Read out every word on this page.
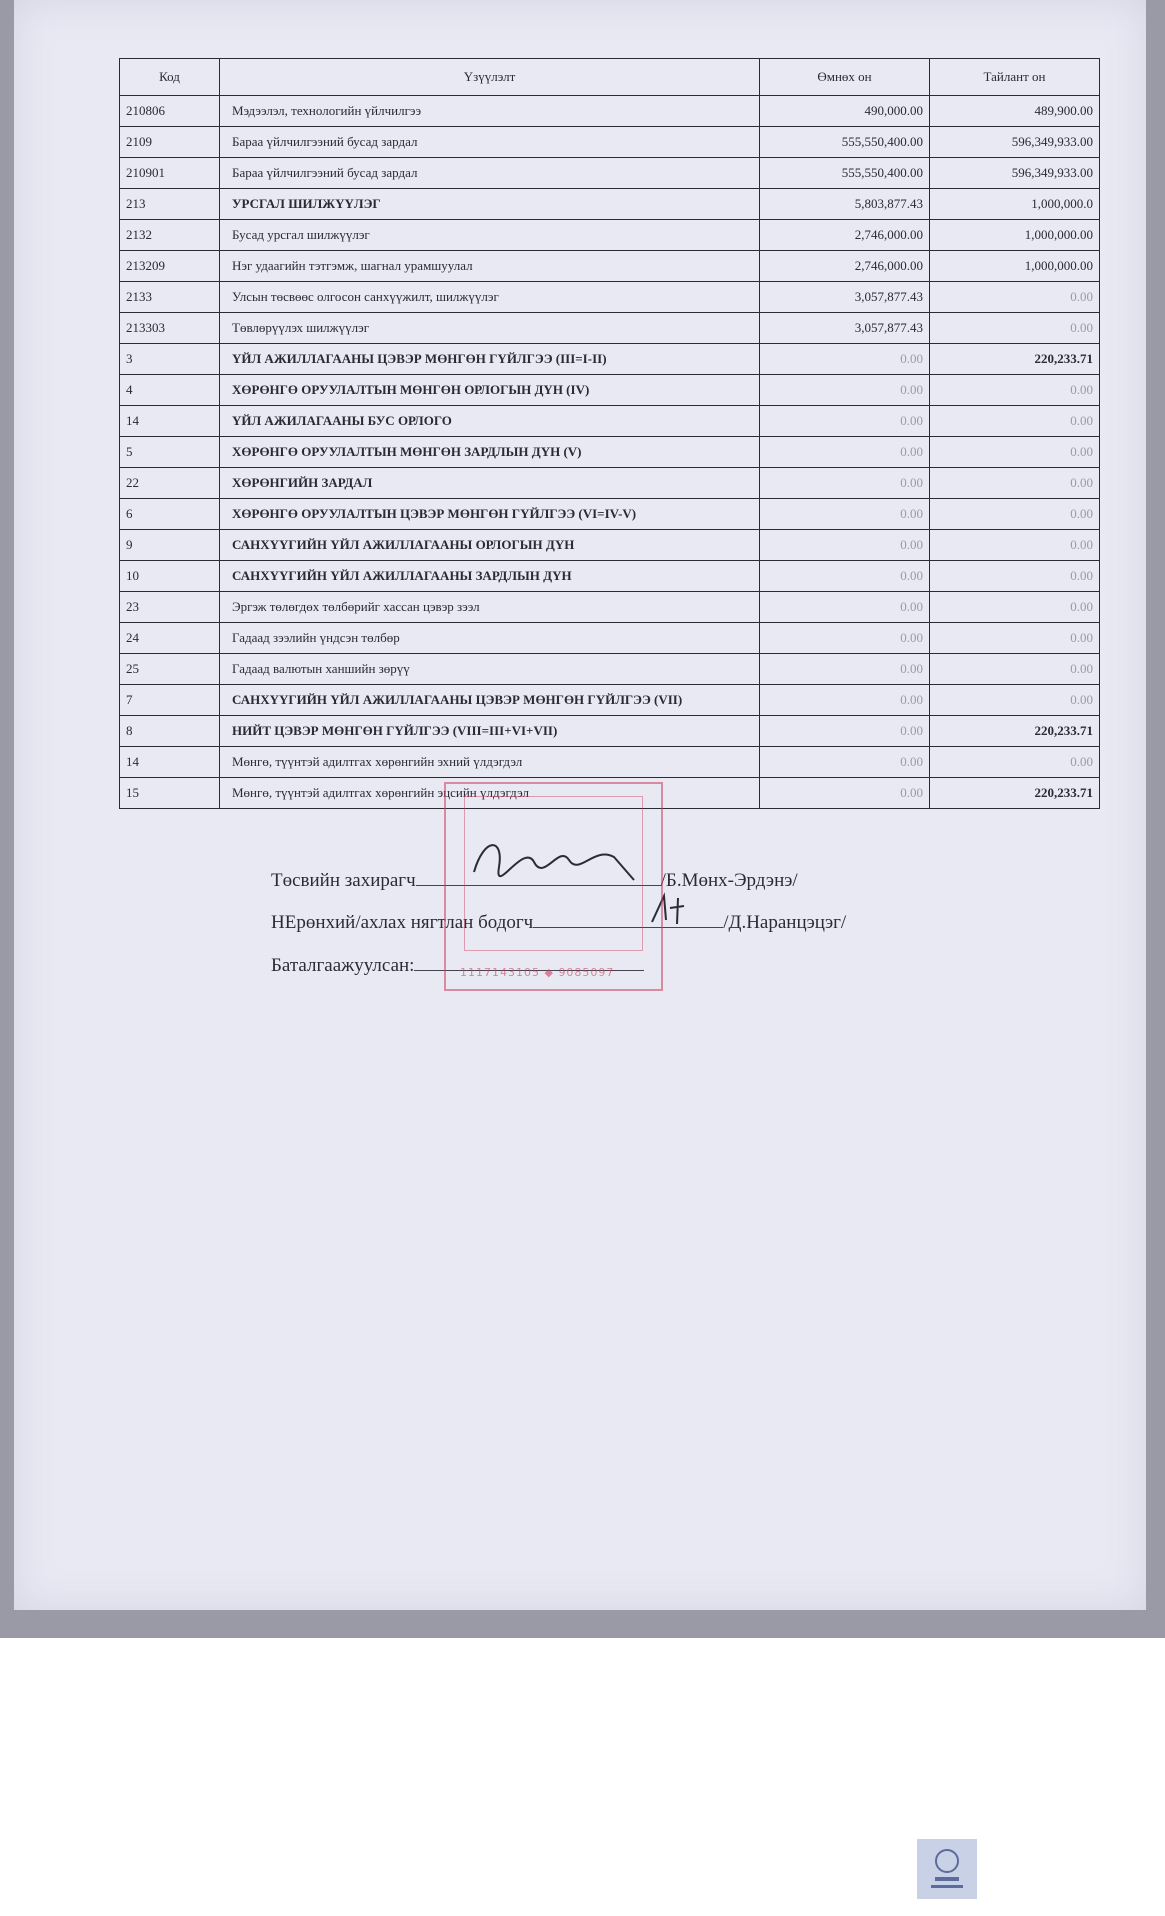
Код	Үзүүлэлт	Өмнөх он	Тайлант он
210806	Мэдээлэл, технологийн үйлчилгээ	490,000.00	489,900.00
2109	Бараа үйлчилгээний бусад зардал	555,550,400.00	596,349,933.00
210901	Бараа үйлчилгээний бусад зардал	555,550,400.00	596,349,933.00
213	УРСГАЛ ШИЛЖҮҮЛЭГ	5,803,877.43	1,000,000.0
2132	Бусад урсгал шилжүүлэг	2,746,000.00	1,000,000.00
213209	Нэг удаагийн тэтгэмж, шагнал урамшуулал	2,746,000.00	1,000,000.00
2133	Улсын төсвөөс олгосон санхүүжилт, шилжүүлэг	3,057,877.43	0.00
213303	Төвлөрүүлэх шилжүүлэг	3,057,877.43	0.00
3	ҮЙЛ АЖИЛЛАГААНЫ ЦЭВЭР МӨНГӨН ГҮЙЛГЭЭ (III=I-II)	0.00	220,233.71
4	ХӨРӨНГӨ ОРУУЛАЛТЫН МӨНГӨН ОРЛОГЫН ДҮН (IV)	0.00	0.00
14	ҮЙЛ АЖИЛАГААНЫ БУС ОРЛОГО	0.00	0.00
5	ХӨРӨНГӨ ОРУУЛАЛТЫН МӨНГӨН ЗАРДЛЫН ДҮН (V)	0.00	0.00
22	ХӨРӨНГИЙН ЗАРДАЛ	0.00	0.00
6	ХӨРӨНГӨ ОРУУЛАЛТЫН ЦЭВЭР МӨНГӨН ГҮЙЛГЭЭ (VI=IV-V)	0.00	0.00
9	САНХҮҮГИЙН ҮЙЛ АЖИЛЛАГААНЫ ОРЛОГЫН ДҮН	0.00	0.00
10	САНХҮҮГИЙН ҮЙЛ АЖИЛЛАГААНЫ ЗАРДЛЫН ДҮН	0.00	0.00
23	Эргэж төлөгдөх төлбөрийг хассан цэвэр зээл	0.00	0.00
24	Гадаад зээлийн үндсэн төлбөр	0.00	0.00
25	Гадаад валютын ханшийн зөрүү	0.00	0.00
7	САНХҮҮГИЙН ҮЙЛ АЖИЛЛАГААНЫ ЦЭВЭР МӨНГӨН ГҮЙЛГЭЭ (VII)	0.00	0.00
8	НИЙТ ЦЭВЭР МӨНГӨН ГҮЙЛГЭЭ (VIII=III+VI+VII)	0.00	220,233.71
14	Мөнгө, түүнтэй адилтгах хөрөнгийн эхний үлдэгдэл	0.00	0.00
15	Мөнгө, түүнтэй адилтгах хөрөнгийн эцсийн үлдэгдэл	0.00	220,233.71
Төсвийн захирагч	/Б.Мөнх-Эрдэнэ/
НЕрөнхий/ахлах нягтлан бодогч	/Д.Наранцэцэг/
Баталгаажуулсан:	1117143105 ◆ 9085097
